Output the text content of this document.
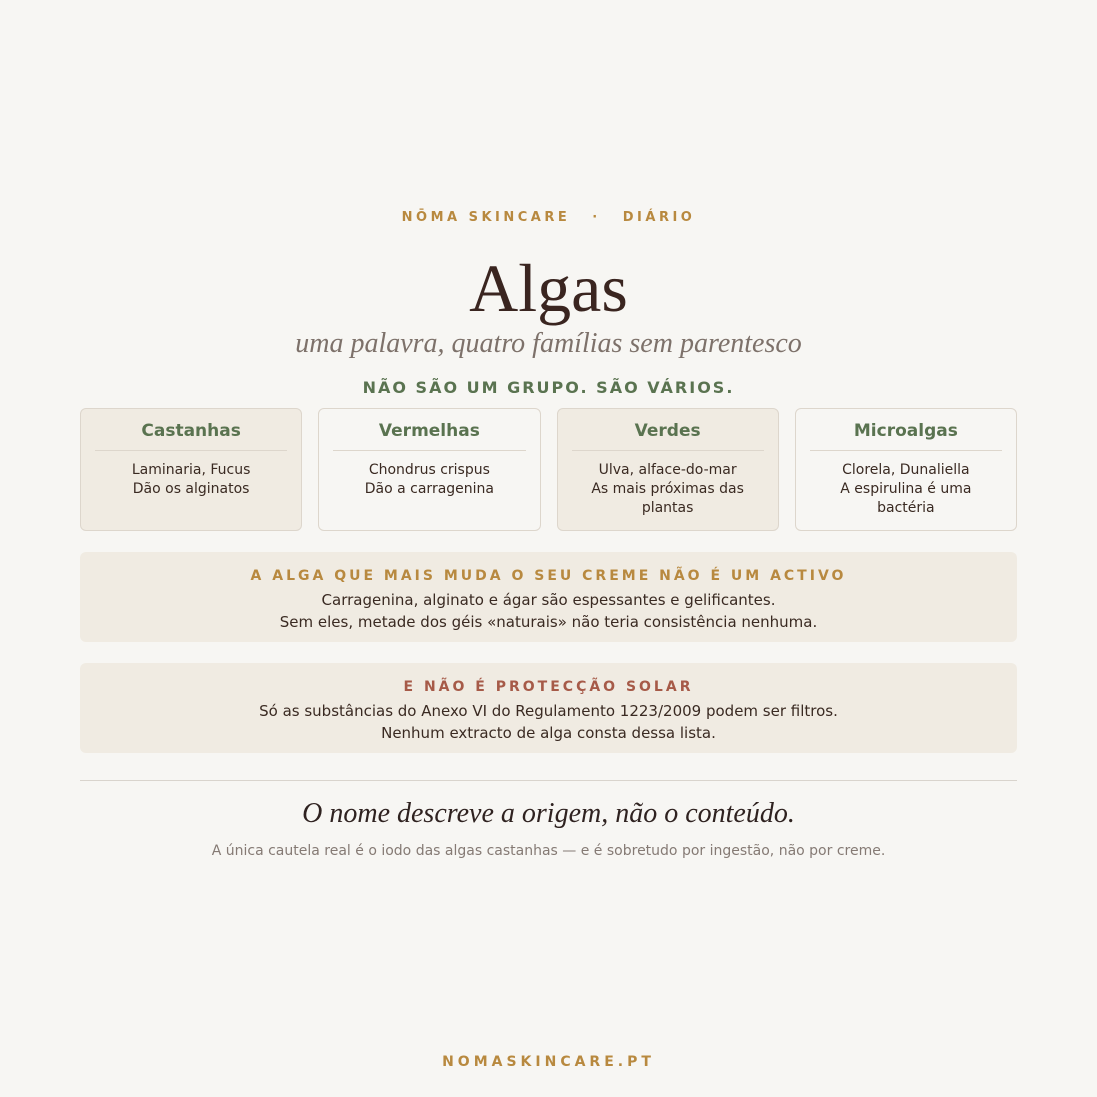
NŌMA SKINCARE · DIÁRIO
Algas
uma palavra, quatro famílias sem parentesco
NÃO SÃO UM GRUPO. SÃO VÁRIOS.
Castanhas
Laminaria, Fucus
Dão os alginatos
Vermelhas
Chondrus crispus
Dão a carragenina
Verdes
Ulva, alface-do-mar
As mais próximas das
plantas
Microalgas
Clorela, Dunaliella
A espirulina é uma
bactéria
A ALGA QUE MAIS MUDA O SEU CREME NÃO É UM ACTIVO
Carragenina, alginato e ágar são espessantes e gelificantes.
Sem eles, metade dos géis «naturais» não teria consistência nenhuma.
E NÃO É PROTECÇÃO SOLAR
Só as substâncias do Anexo VI do Regulamento 1223/2009 podem ser filtros.
Nenhum extracto de alga consta dessa lista.
O nome descreve a origem, não o conteúdo.
A única cautela real é o iodo das algas castanhas — e é sobretudo por ingestão, não por creme.
NOMASKINCARE.PT
